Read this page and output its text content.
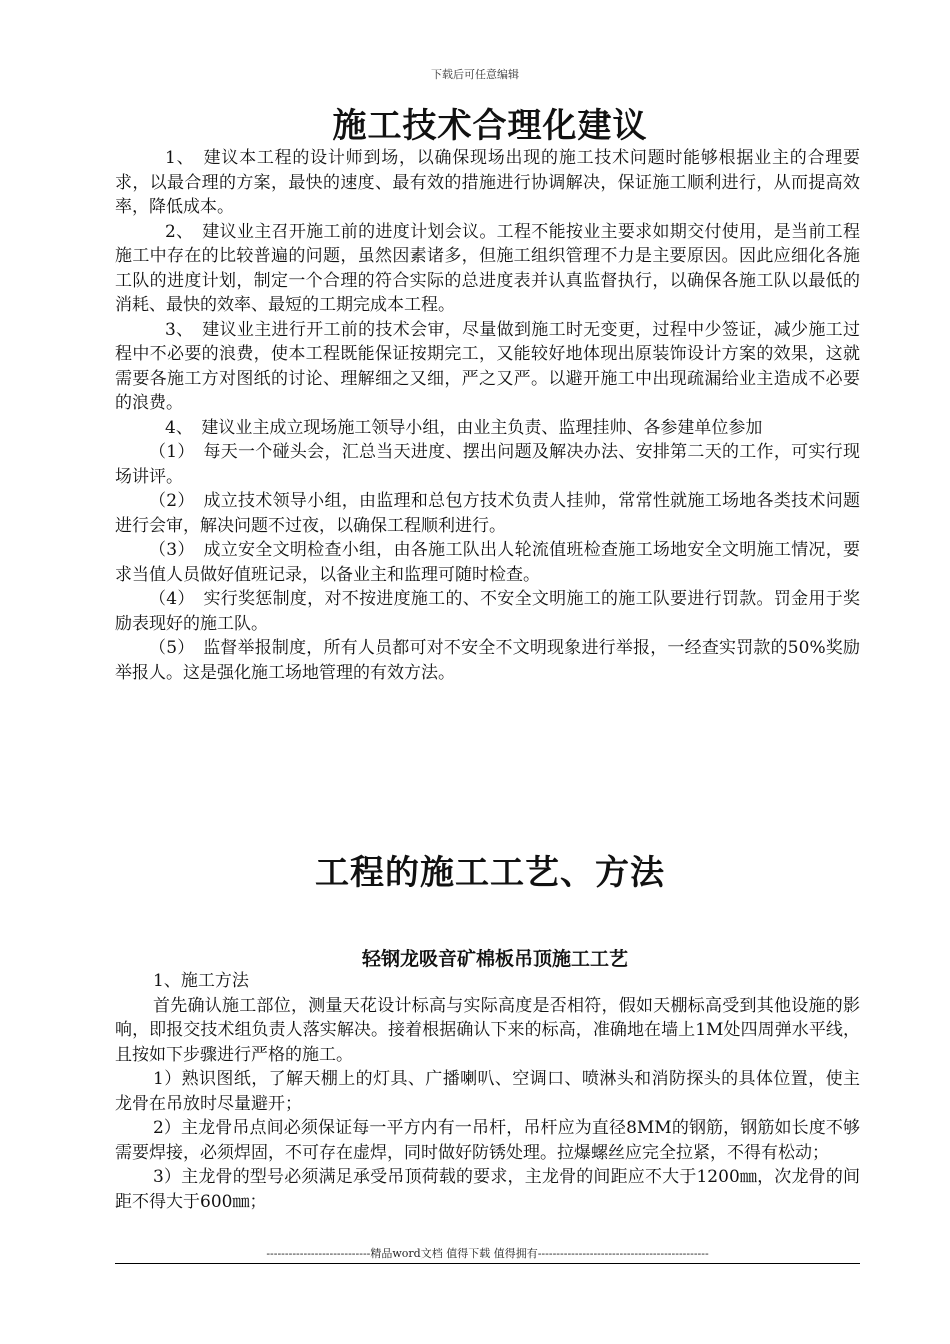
下载后可任意编辑
施工技术合理化建议

1、　建议本工程的设计师到场，以确保现场出现的施工技术问题时能够根据业主的合理要求，以最合理的方案，最快的速度、最有效的措施进行协调解决，保证施工顺利进行，从而提高效率，降低成本。

2、　建议业主召开施工前的进度计划会议。工程不能按业主要求如期交付使用，是当前工程施工中存在的比较普遍的问题，虽然因素诸多，但施工组织管理不力是主要原因。因此应细化各施工队的进度计划，制定一个合理的符合实际的总进度表并认真监督执行，以确保各施工队以最低的消耗、最快的效率、最短的工期完成本工程。

3、　建议业主进行开工前的技术会审，尽量做到施工时无变更，过程中少签证，减少施工过程中不必要的浪费，使本工程既能保证按期完工，又能较好地体现出原装饰设计方案的效果，这就需要各施工方对图纸的讨论、理解细之又细，严之又严。以避开施工中出现疏漏给业主造成不必要的浪费。

4、　建议业主成立现场施工领导小组，由业主负责、监理挂帅、各参建单位参加

（1）　每天一个碰头会，汇总当天进度、摆出问题及解决办法、安排第二天的工作，可实行现场讲评。

（2）　成立技术领导小组，由监理和总包方技术负责人挂帅，常常性就施工场地各类技术问题进行会审，解决问题不过夜，以确保工程顺利进行。

（3）　成立安全文明检查小组，由各施工队出人轮流值班检查施工场地安全文明施工情况，要求当值人员做好值班记录，以备业主和监理可随时检查。

（4）　实行奖惩制度，对不按进度施工的、不安全文明施工的施工队要进行罚款。罚金用于奖励表现好的施工队。

（5）　监督举报制度，所有人员都可对不安全不文明现象进行举报，一经查实罚款的50%奖励举报人。这是强化施工场地管理的有效方法。

工程的施工工艺、方法
轻钢龙吸音矿棉板吊顶施工工艺

1、施工方法

首先确认施工部位，测量天花设计标高与实际高度是否相符，假如天棚标高受到其他设施的影响，即报交技术组负责人落实解决。接着根据确认下来的标高，准确地在墙上1M处四周弹水平线，且按如下步骤进行严格的施工。

1）熟识图纸，了解天棚上的灯具、广播喇叭、空调口、喷淋头和消防探头的具体位置，使主龙骨在吊放时尽量避开；

2）主龙骨吊点间必须保证每一平方内有一吊杆，吊杆应为直径8MM的钢筋，钢筋如长度不够需要焊接，必须焊固，不可存在虚焊，同时做好防锈处理。拉爆螺丝应完全拉紧，不得有松动；

3）主龙骨的型号必须满足承受吊顶荷载的要求，主龙骨的间距应不大于1200㎜，次龙骨的间距不得大于600㎜；

----------------------------精品word文档 值得下载 值得拥有----------------------------------------------
